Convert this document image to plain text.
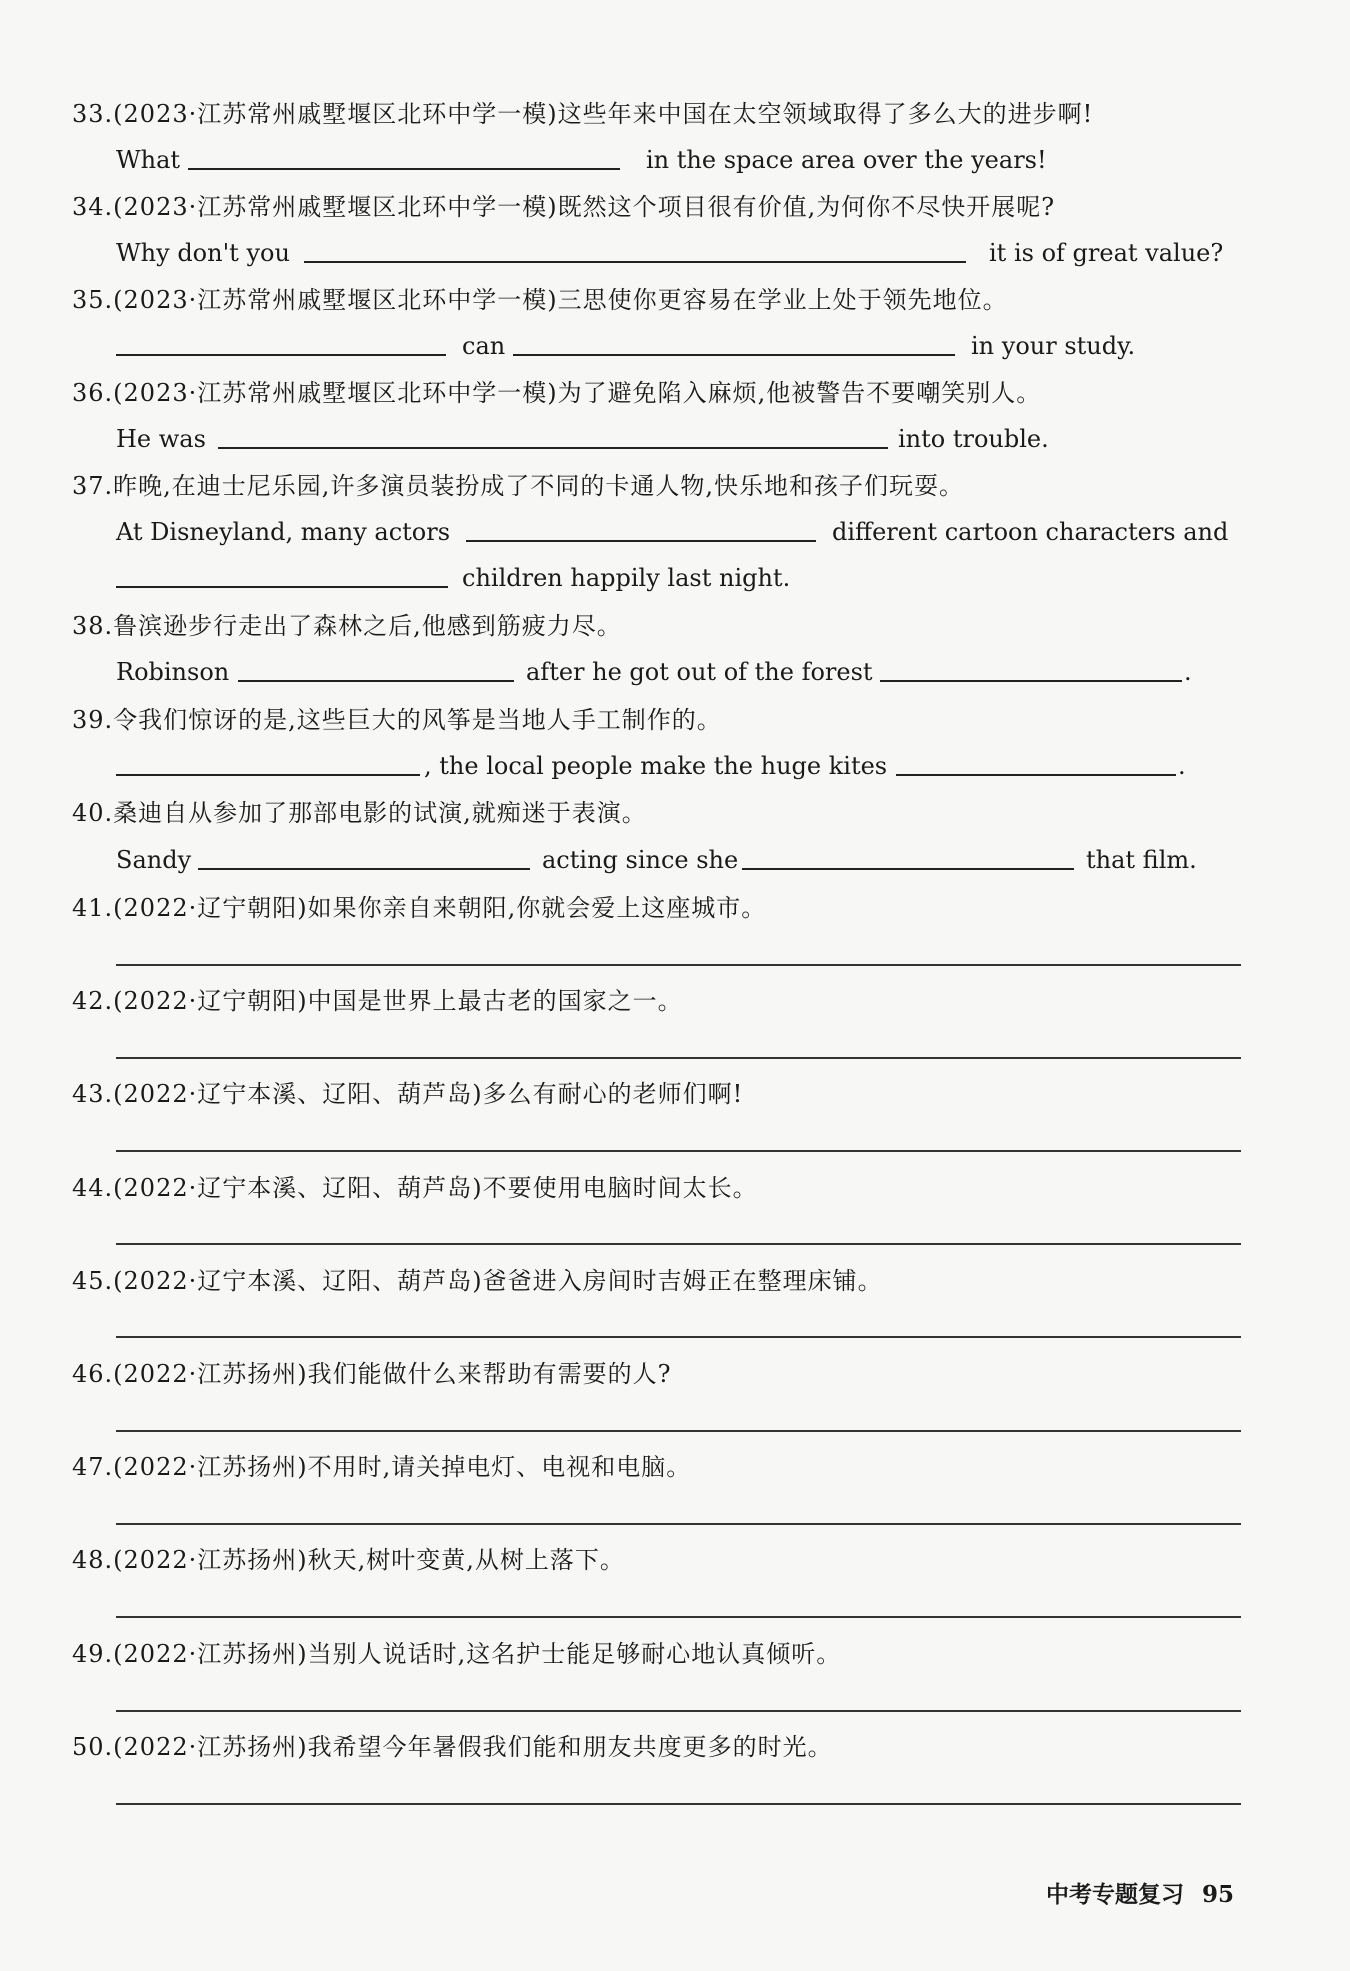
33.(2023·江苏常州戚墅堰区北环中学一模)这些年来中国在太空领域取得了多么大的进步啊!
What	in the space area over the years!
34.(2023·江苏常州戚墅堰区北环中学一模)既然这个项目很有价值,为何你不尽快开展呢?
Why don't you	it is of great value?
35.(2023·江苏常州戚墅堰区北环中学一模)三思使你更容易在学业上处于领先地位。
can	in your study.
36.(2023·江苏常州戚墅堰区北环中学一模)为了避免陷入麻烦,他被警告不要嘲笑别人。
He was	into trouble.
37.昨晚,在迪士尼乐园,许多演员装扮成了不同的卡通人物,快乐地和孩子们玩耍。
At Disneyland, many actors	different cartoon characters and
children happily last night.
38.鲁滨逊步行走出了森林之后,他感到筋疲力尽。
Robinson	after he got out of the forest	.
39.令我们惊讶的是,这些巨大的风筝是当地人手工制作的。
, the local people make the huge kites	.
40.桑迪自从参加了那部电影的试演,就痴迷于表演。
Sandy	acting since she	that film.
41.(2022·辽宁朝阳)如果你亲自来朝阳,你就会爱上这座城市。
42.(2022·辽宁朝阳)中国是世界上最古老的国家之一。
43.(2022·辽宁本溪、辽阳、葫芦岛)多么有耐心的老师们啊!
44.(2022·辽宁本溪、辽阳、葫芦岛)不要使用电脑时间太长。
45.(2022·辽宁本溪、辽阳、葫芦岛)爸爸进入房间时吉姆正在整理床铺。
46.(2022·江苏扬州)我们能做什么来帮助有需要的人?
47.(2022·江苏扬州)不用时,请关掉电灯、电视和电脑。
48.(2022·江苏扬州)秋天,树叶变黄,从树上落下。
49.(2022·江苏扬州)当别人说话时,这名护士能足够耐心地认真倾听。
50.(2022·江苏扬州)我希望今年暑假我们能和朋友共度更多的时光。
中考专题复习 95
